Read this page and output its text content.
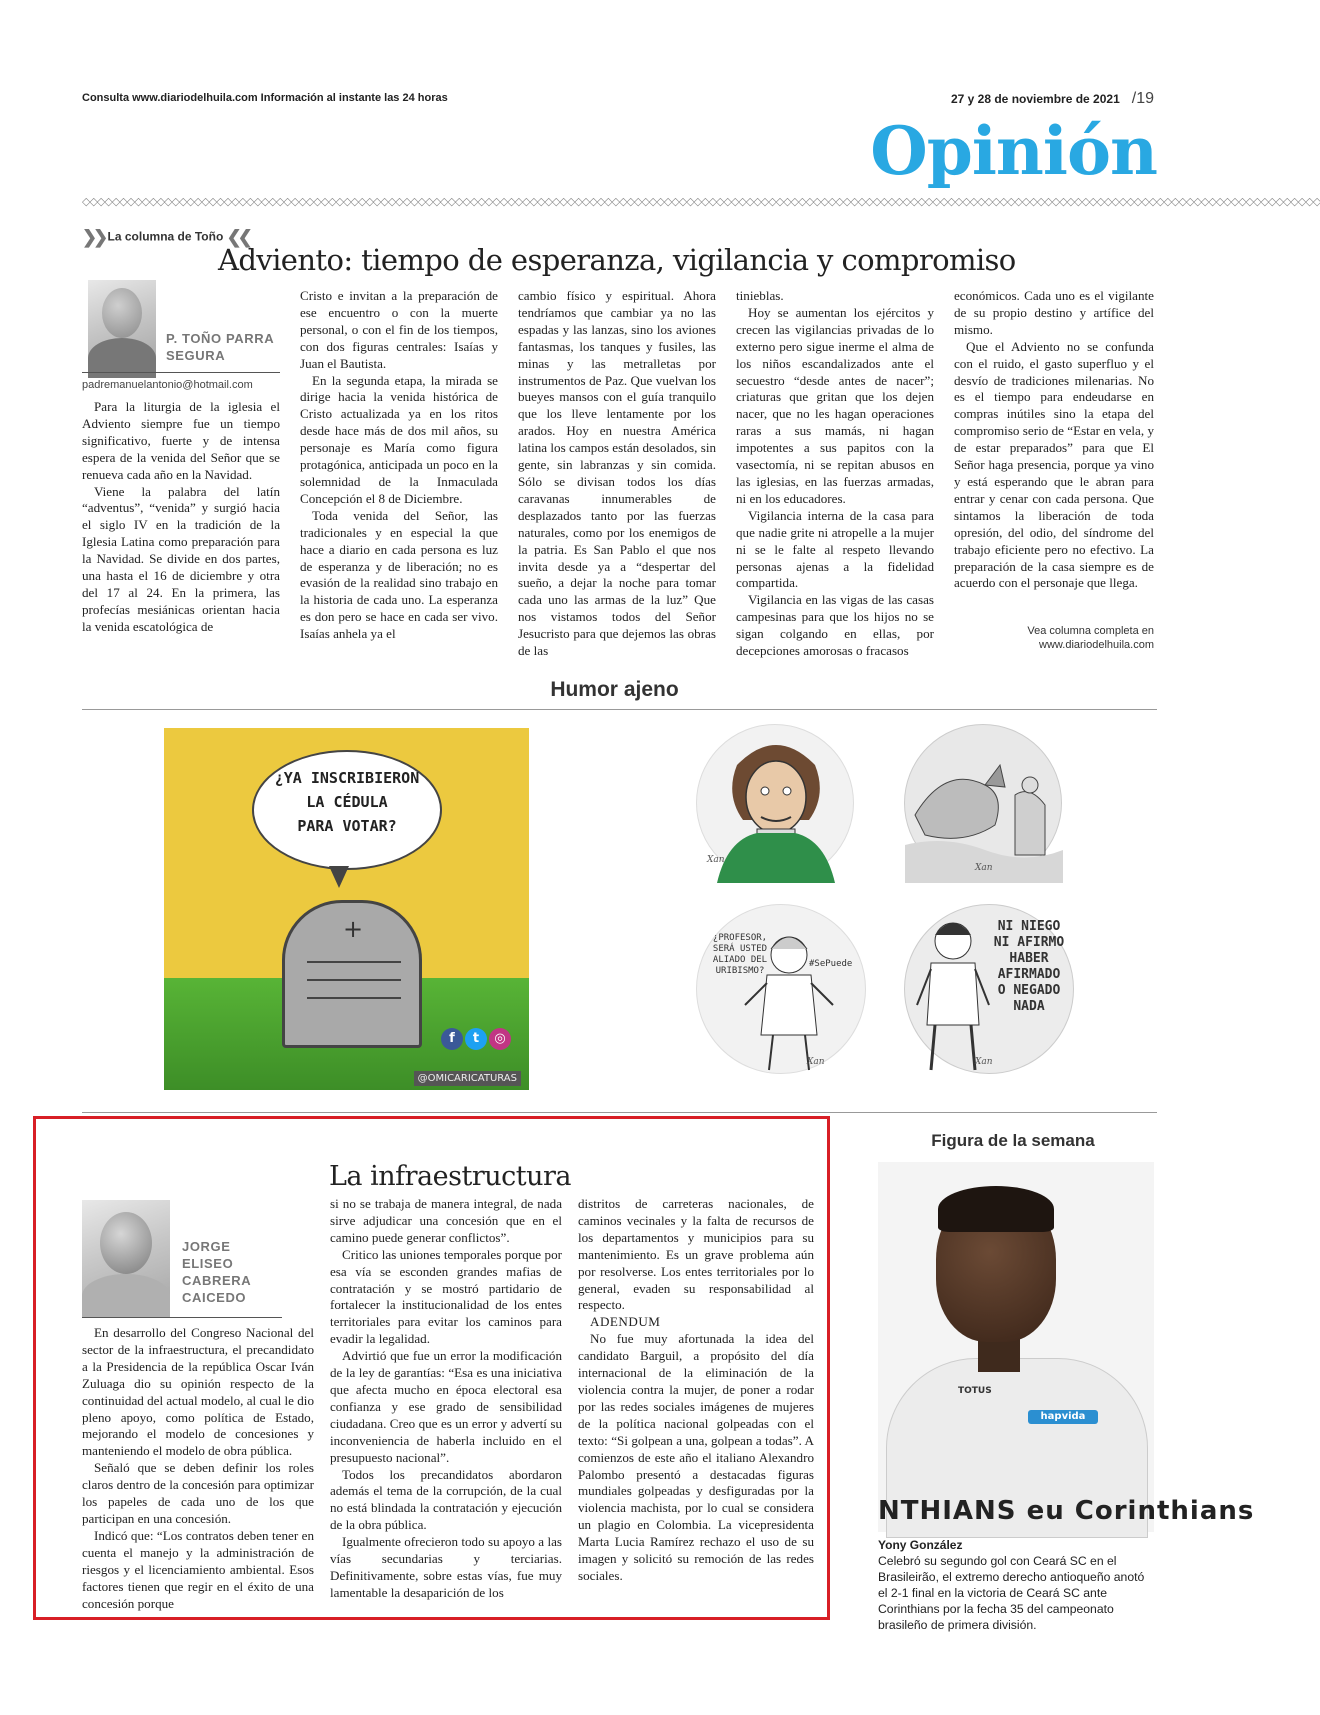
Consulta www.diariodelhuila.com Información al instante las 24 horas	27 y 28 de noviembre de 2021 /19
Opinión
◇◇◇◇◇◇◇◇◇◇◇◇◇◇◇◇◇◇◇◇◇◇◇◇◇◇◇◇◇◇◇◇◇◇◇◇◇◇◇◇◇◇◇◇◇◇◇◇◇◇◇◇◇◇◇◇◇◇◇◇◇◇◇◇◇◇◇◇◇◇◇◇◇◇◇◇◇◇◇◇◇◇◇◇◇◇◇◇◇◇◇◇◇◇◇◇◇◇◇◇◇◇◇◇◇◇◇◇◇◇◇◇◇◇◇◇◇◇◇◇◇◇◇◇◇◇◇◇◇◇◇◇◇◇◇◇◇◇◇◇◇◇◇◇◇◇◇◇◇◇◇◇◇◇◇◇◇◇◇◇◇◇◇◇◇◇
❯❯ La columna de Toño ❮❮
Adviento: tiempo de esperanza, vigilancia y compromiso
P. TOÑO PARRA
SEGURA
padremanuelantonio@hotmail.com

Para la liturgia de la iglesia el Adviento siempre fue un tiempo significativo, fuerte y de intensa espera de la venida del Señor que se renueva cada año en la Navidad.

Viene la palabra del latín “adventus”, “venida” y surgió hacia el siglo IV en la tradición de la Iglesia Latina como preparación para la Navidad. Se divide en dos partes, una hasta el 16 de diciembre y otra del 17 al 24. En la primera, las profecías mesiánicas orientan hacia la venida escatológica de

Cristo e invitan a la preparación de ese encuentro o con la muerte personal, o con el fin de los tiempos, con dos figuras centrales: Isaías y Juan el Bautista.

En la segunda etapa, la mirada se dirige hacia la venida histórica de Cristo actualizada ya en los ritos desde hace más de dos mil años, su personaje es María como figura protagónica, anticipada un poco en la solemnidad de la Inmaculada Concepción el 8 de Diciembre.

Toda venida del Señor, las tradicionales y en especial la que hace a diario en cada persona es luz de esperanza y de liberación; no es evasión de la realidad sino trabajo en la historia de cada uno. La esperanza es don pero se hace en cada ser vivo. Isaías anhela ya el

cambio físico y espiritual. Ahora tendríamos que cambiar ya no las espadas y las lanzas, sino los aviones fantasmas, los tanques y fusiles, las minas y las metralletas por instrumentos de Paz. Que vuelvan los bueyes mansos con el guía tranquilo que los lleve lentamente por los arados. Hoy en nuestra América latina los campos están desolados, sin gente, sin labranzas y sin comida. Sólo se divisan todos los días caravanas innumerables de desplazados tanto por las fuerzas naturales, como por los enemigos de la patria. Es San Pablo el que nos invita desde ya a “despertar del sueño, a dejar la noche para tomar cada uno las armas de la luz” Que nos vistamos todos del Señor Jesucristo para que dejemos las obras de las

tinieblas.

Hoy se aumentan los ejércitos y crecen las vigilancias privadas de lo externo pero sigue inerme el alma de los niños escandalizados ante el secuestro “desde antes de nacer”; criaturas que gritan que los dejen nacer, que no les hagan operaciones raras a sus mamás, ni hagan impotentes a sus papitos con la vasectomía, ni se repitan abusos en las iglesias, en las fuerzas armadas, ni en los educadores.

Vigilancia interna de la casa para que nadie grite ni atropelle a la mujer ni se le falte al respeto llevando personas ajenas a la fidelidad compartida.

Vigilancia en las vigas de las casas campesinas para que los hijos no se sigan colgando en ellas, por decepciones amorosas o fracasos

económicos. Cada uno es el vigilante de su propio destino y artífice del mismo.

Que el Adviento no se confunda con el ruido, el gasto superfluo y el desvío de tradiciones milenarias. No es el tiempo para endeudarse en compras inútiles sino la etapa del compromiso serio de “Estar en vela, y de estar preparados” para que El Señor haga presencia, porque ya vino y está esperando que le abran para entrar y cenar con cada persona. Que sintamos la liberación de toda opresión, del odio, del síndrome del trabajo eficiente pero no efectivo. La preparación de la casa siempre es de acuerdo con el personaje que llega.

Vea columna completa en
www.diariodelhuila.com
Humor ajeno
¿YA INSCRIBIERON
LA CÉDULA
PARA VOTAR?
+
f t ◎
@OMICARICATURAS
Xan
Xan
¿PROFESOR,
SERÁ USTED
ALIADO DEL
URIBISMO?
#SePuede
Xan
NI NIEGO
NI AFIRMO
HABER
AFIRMADO
O NEGADO
NADA
Xan
La infraestructura
JORGE
ELISEO
CABRERA
CAICEDO

En desarrollo del Congreso Nacional del sector de la infraestructura, el precandidato a la Presidencia de la república Oscar Iván Zuluaga dio su opinión respecto de la continuidad del actual modelo, al cual le dio pleno apoyo, como política de Estado, mejorando el modelo de concesiones y manteniendo el modelo de obra pública.

Señaló que se deben definir los roles claros dentro de la concesión para optimizar los papeles de cada uno de los que participan en una concesión.

Indicó que: “Los contratos deben tener en cuenta el manejo y la administración de riesgos y el licenciamiento ambiental. Esos factores tienen que regir en el éxito de una concesión porque

si no se trabaja de manera integral, de nada sirve adjudicar una concesión que en el camino puede generar conflictos”.

Critico las uniones temporales porque por esa vía se esconden grandes mafias de contratación y se mostró partidario de fortalecer la institucionalidad de los entes territoriales para evitar los caminos para evadir la legalidad.

Advirtió que fue un error la modificación de la ley de garantías: “Esa es una iniciativa que afecta mucho en época electoral esa confianza y ese grado de sensibilidad ciudadana. Creo que es un error y advertí su inconveniencia de haberla incluido en el presupuesto nacional”.

Todos los precandidatos abordaron además el tema de la corrupción, de la cual no está blindada la contratación y ejecución de la obra pública.

Igualmente ofrecieron todo su apoyo a las vías secundarias y terciarias. Definitivamente, sobre estas vías, fue muy lamentable la desaparición de los

distritos de carreteras nacionales, de caminos vecinales y la falta de recursos de los departamentos y municipios para su mantenimiento. Es un grave problema aún por resolverse. Los entes territoriales por lo general, evaden su responsabilidad al respecto.

ADENDUM

No fue muy afortunada la idea del candidato Barguil, a propósito del día internacional de la eliminación de la violencia contra la mujer, de poner a rodar por las redes sociales imágenes de mujeres de la política nacional golpeadas con el texto: “Si golpean a una, golpean a todas”. A comienzos de este año el italiano Alexandro Palombo presentó a destacadas figuras mundiales golpeadas y desfiguradas por la violencia machista, por lo cual se considera un plagio en Colombia. La vicepresidenta Marta Lucia Ramírez rechazo el uso de su imagen y solicitó su remoción de las redes sociales.

Figura de la semana
hapvida
TOTUS
NTHIANS eu Corinthians
Yony González
Celebró su segundo gol con Ceará SC en el Brasileirão, el extremo derecho antioqueño anotó el 2-1 final en la victoria de Ceará SC ante Corinthians por la fecha 35 del campeonato brasileño de primera división.
